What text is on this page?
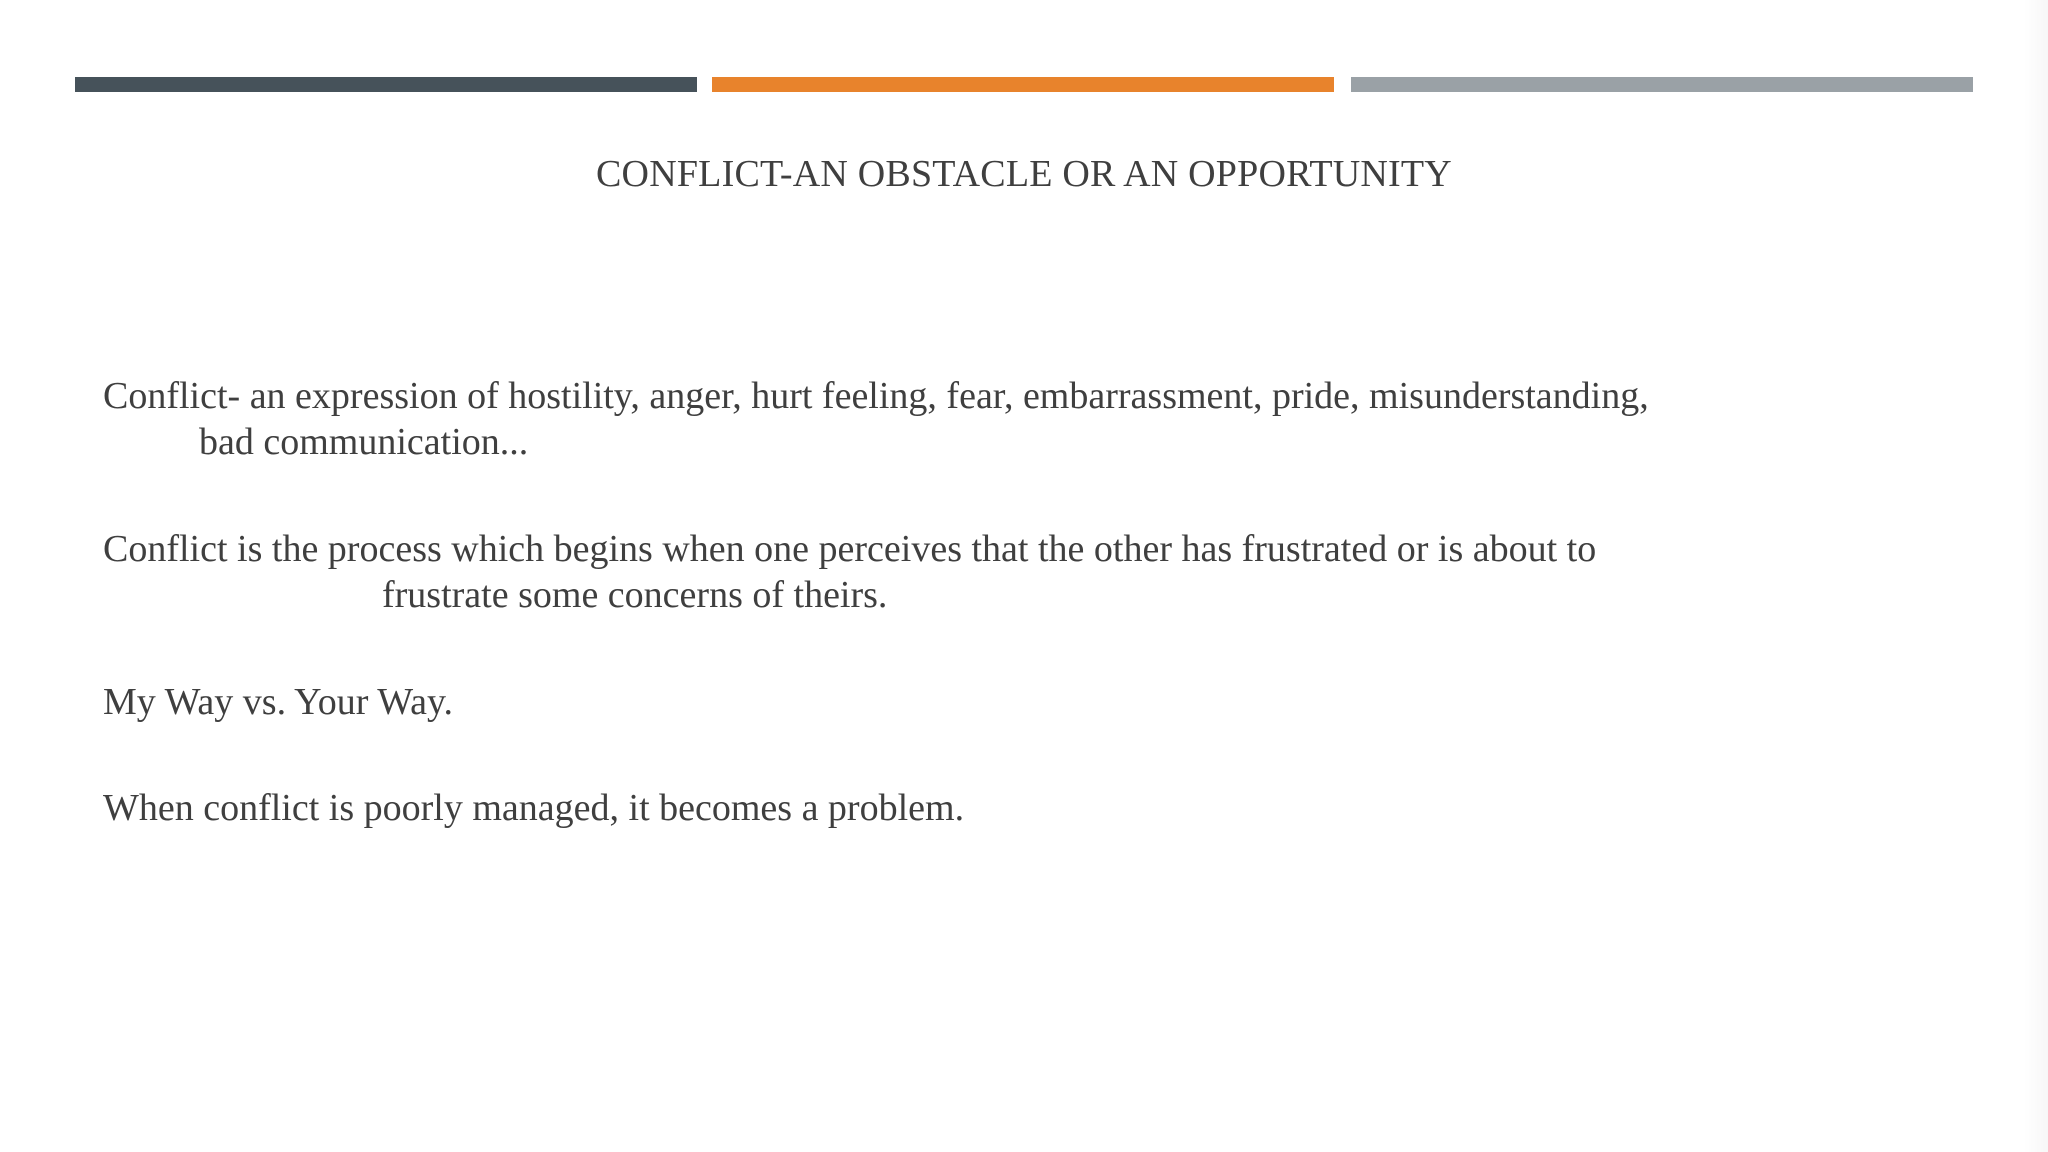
CONFLICT-AN OBSTACLE OR AN OPPORTUNITY

Conflict- an expression of hostility, anger, hurt feeling, fear, embarrassment, pride, misunderstanding,
bad communication...

Conflict is the process which begins when one perceives that the other has frustrated or is about to
frustrate some concerns of theirs.

My Way vs. Your Way.

When conflict is poorly managed, it becomes a problem.
